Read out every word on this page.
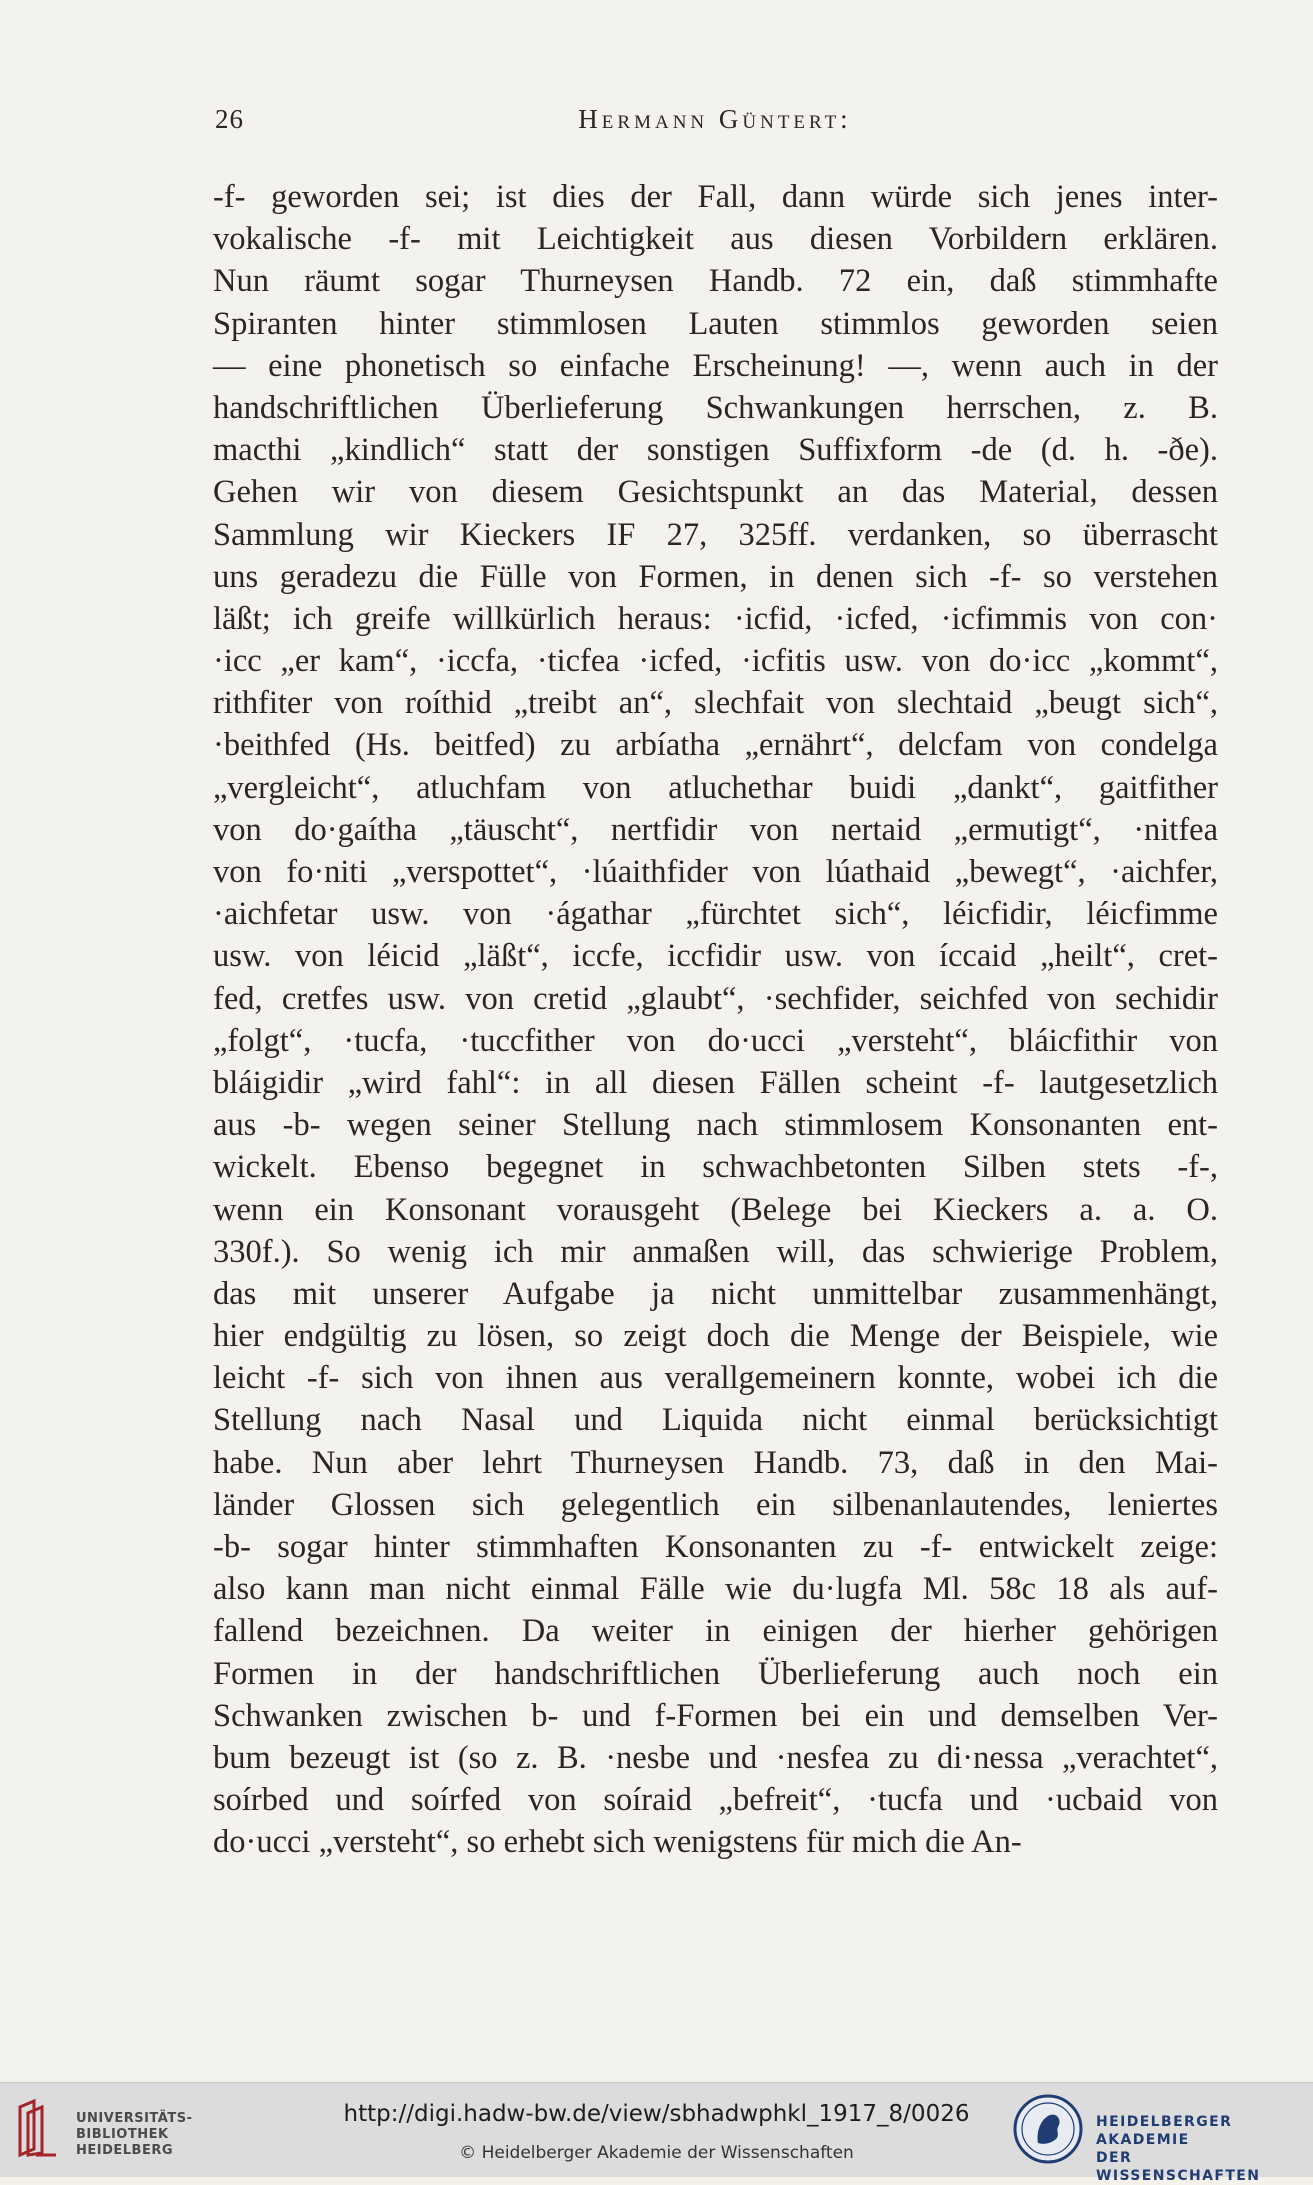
26	Hermann Güntert:
-f- geworden sei; ist dies der Fall, dann würde sich jenes inter-
vokalische -f- mit Leichtigkeit aus diesen Vorbildern erklären.
Nun räumt sogar Thurneysen Handb. 72 ein, daß stimmhafte
Spiranten hinter stimmlosen Lauten stimmlos geworden seien
— eine phonetisch so einfache Erscheinung! —, wenn auch in der
handschriftlichen Überlieferung Schwankungen herrschen, z. B.
macthi „kindlich“ statt der sonstigen Suffixform -de (d. h. -ðe).
Gehen wir von diesem Gesichtspunkt an das Material, dessen
Sammlung wir Kieckers IF 27, 325ff. verdanken, so überrascht
uns geradezu die Fülle von Formen, in denen sich -f- so verstehen
läßt; ich greife willkürlich heraus: ·icfid, ·icfed, ·icfimmis von con·
·icc „er kam“, ·iccfa, ·ticfea ·icfed, ·icfitis usw. von do·icc „kommt“,
rithfiter von roíthid „treibt an“, slechfait von slechtaid „beugt sich“,
·beithfed (Hs. beitfed) zu arbíatha „ernährt“, delcfam von condelga
„vergleicht“, atluchfam von atluchethar buidi „dankt“, gaitfither
von do·gaítha „täuscht“, nertfidir von nertaid „ermutigt“, ·nitfea
von fo·niti „verspottet“, ·lúaithfider von lúathaid „bewegt“, ·aichfer,
·aichfetar usw. von ·ágathar „fürchtet sich“, léicfidir, léicfimme
usw. von léicid „läßt“, iccfe, iccfidir usw. von íccaid „heilt“, cret-
fed, cretfes usw. von cretid „glaubt“, ·sechfider, seichfed von sechidir
„folgt“, ·tucfa, ·tuccfither von do·ucci „versteht“, bláicfithir von
bláigidir „wird fahl“: in all diesen Fällen scheint -f- lautgesetzlich
aus -b- wegen seiner Stellung nach stimmlosem Konsonanten ent-
wickelt. Ebenso begegnet in schwachbetonten Silben stets -f-,
wenn ein Konsonant vorausgeht (Belege bei Kieckers a. a. O.
330f.). So wenig ich mir anmaßen will, das schwierige Problem,
das mit unserer Aufgabe ja nicht unmittelbar zusammenhängt,
hier endgültig zu lösen, so zeigt doch die Menge der Beispiele, wie
leicht -f- sich von ihnen aus verallgemeinern konnte, wobei ich die
Stellung nach Nasal und Liquida nicht einmal berücksichtigt
habe. Nun aber lehrt Thurneysen Handb. 73, daß in den Mai-
länder Glossen sich gelegentlich ein silbenanlautendes, leniertes
-b- sogar hinter stimmhaften Konsonanten zu -f- entwickelt zeige:
also kann man nicht einmal Fälle wie du·lugfa Ml. 58c 18 als auf-
fallend bezeichnen. Da weiter in einigen der hierher gehörigen
Formen in der handschriftlichen Überlieferung auch noch ein
Schwanken zwischen b- und f-Formen bei ein und demselben Ver-
bum bezeugt ist (so z. B. ·nesbe und ·nesfea zu di·nessa „verachtet“,
soírbed und soírfed von soíraid „befreit“, ·tucfa und ·ucbaid von
do·ucci „versteht“, so erhebt sich wenigstens für mich die An-
UNIVERSITÄTS-
BIBLIOTHEK
HEIDELBERG
http://digi.hadw-bw.de/view/sbhadwphkl_1917_8/0026
© Heidelberger Akademie der Wissenschaften
HEIDELBERGER AKADEMIE
DER WISSENSCHAFTEN
